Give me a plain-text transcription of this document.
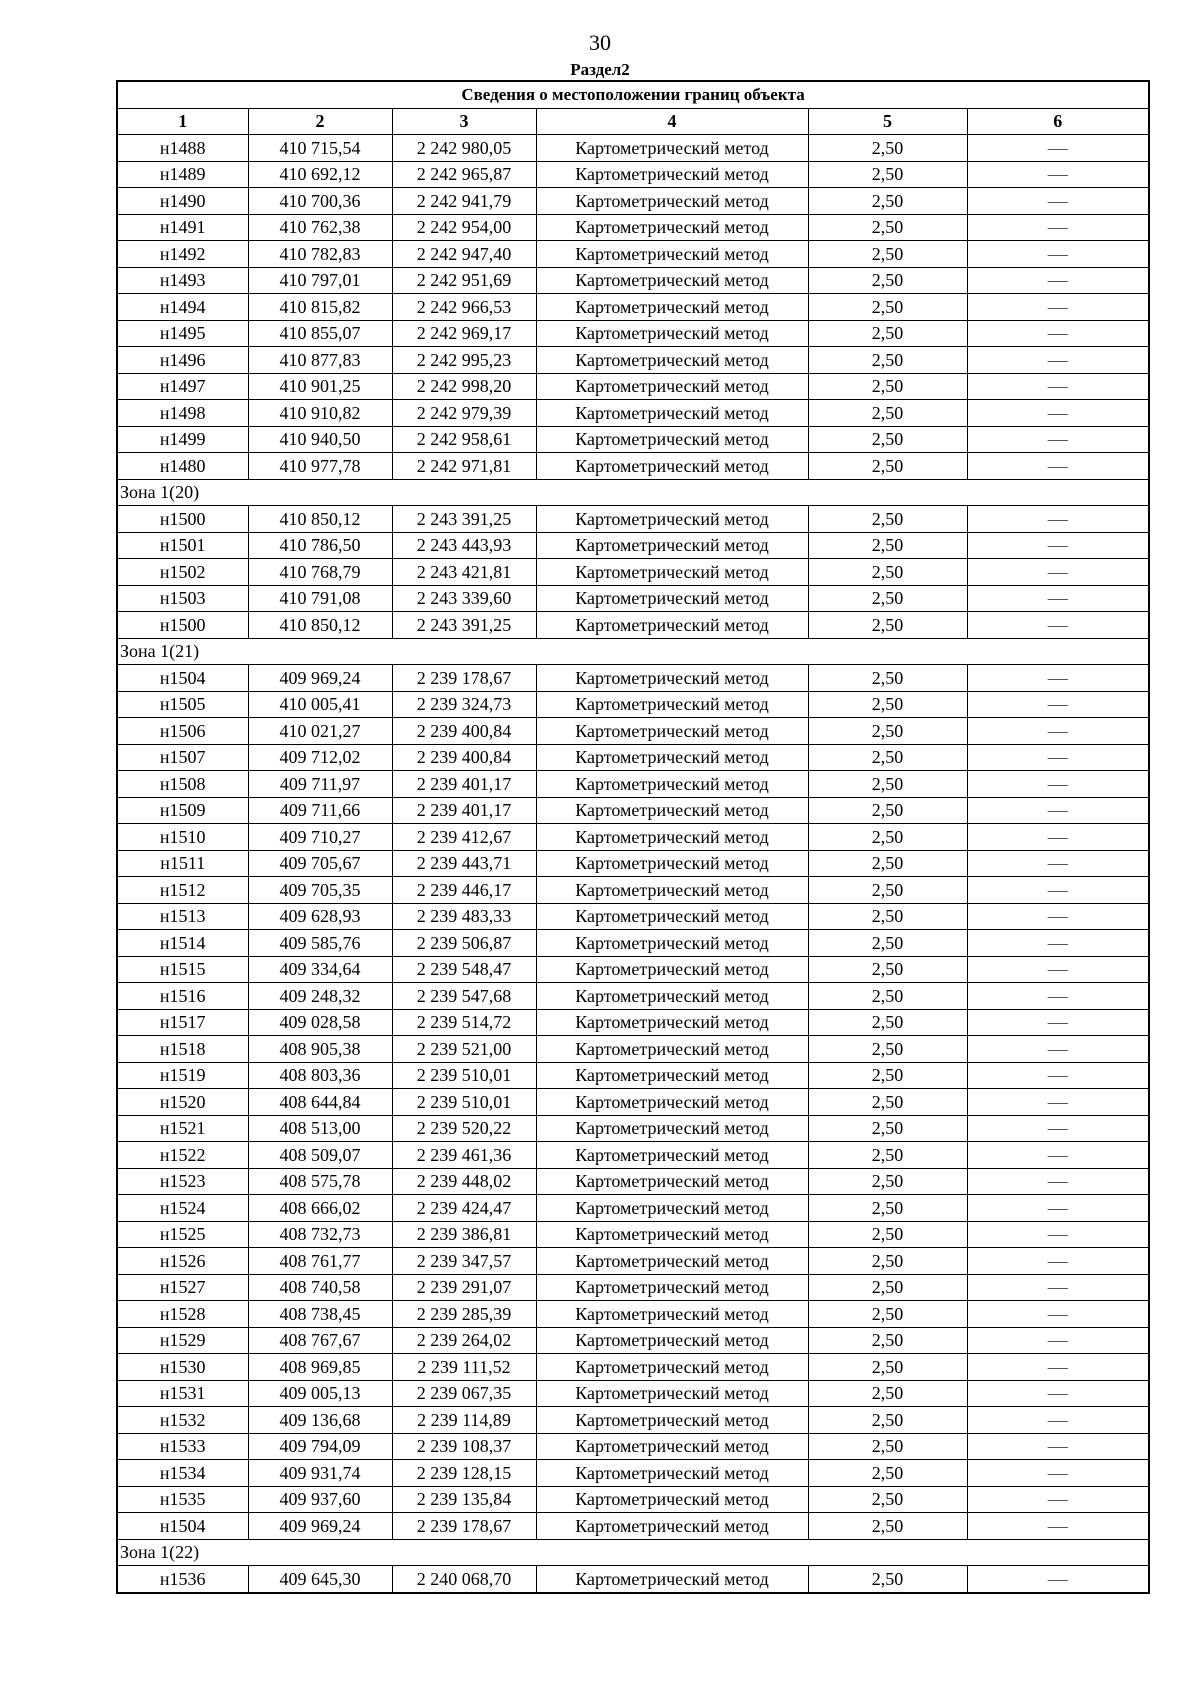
30
Раздел2
Сведения о местоположении границ объекта					
1	2	3	4	5	6
н1488	410 715,54	2 242 980,05	Картометрический метод	2,50	—
н1489	410 692,12	2 242 965,87	Картометрический метод	2,50	—
н1490	410 700,36	2 242 941,79	Картометрический метод	2,50	—
н1491	410 762,38	2 242 954,00	Картометрический метод	2,50	—
н1492	410 782,83	2 242 947,40	Картометрический метод	2,50	—
н1493	410 797,01	2 242 951,69	Картометрический метод	2,50	—
н1494	410 815,82	2 242 966,53	Картометрический метод	2,50	—
н1495	410 855,07	2 242 969,17	Картометрический метод	2,50	—
н1496	410 877,83	2 242 995,23	Картометрический метод	2,50	—
н1497	410 901,25	2 242 998,20	Картометрический метод	2,50	—
н1498	410 910,82	2 242 979,39	Картометрический метод	2,50	—
н1499	410 940,50	2 242 958,61	Картометрический метод	2,50	—
н1480	410 977,78	2 242 971,81	Картометрический метод	2,50	—
Зона 1(20)					
н1500	410 850,12	2 243 391,25	Картометрический метод	2,50	—
н1501	410 786,50	2 243 443,93	Картометрический метод	2,50	—
н1502	410 768,79	2 243 421,81	Картометрический метод	2,50	—
н1503	410 791,08	2 243 339,60	Картометрический метод	2,50	—
н1500	410 850,12	2 243 391,25	Картометрический метод	2,50	—
Зона 1(21)					
н1504	409 969,24	2 239 178,67	Картометрический метод	2,50	—
н1505	410 005,41	2 239 324,73	Картометрический метод	2,50	—
н1506	410 021,27	2 239 400,84	Картометрический метод	2,50	—
н1507	409 712,02	2 239 400,84	Картометрический метод	2,50	—
н1508	409 711,97	2 239 401,17	Картометрический метод	2,50	—
н1509	409 711,66	2 239 401,17	Картометрический метод	2,50	—
н1510	409 710,27	2 239 412,67	Картометрический метод	2,50	—
н1511	409 705,67	2 239 443,71	Картометрический метод	2,50	—
н1512	409 705,35	2 239 446,17	Картометрический метод	2,50	—
н1513	409 628,93	2 239 483,33	Картометрический метод	2,50	—
н1514	409 585,76	2 239 506,87	Картометрический метод	2,50	—
н1515	409 334,64	2 239 548,47	Картометрический метод	2,50	—
н1516	409 248,32	2 239 547,68	Картометрический метод	2,50	—
н1517	409 028,58	2 239 514,72	Картометрический метод	2,50	—
н1518	408 905,38	2 239 521,00	Картометрический метод	2,50	—
н1519	408 803,36	2 239 510,01	Картометрический метод	2,50	—
н1520	408 644,84	2 239 510,01	Картометрический метод	2,50	—
н1521	408 513,00	2 239 520,22	Картометрический метод	2,50	—
н1522	408 509,07	2 239 461,36	Картометрический метод	2,50	—
н1523	408 575,78	2 239 448,02	Картометрический метод	2,50	—
н1524	408 666,02	2 239 424,47	Картометрический метод	2,50	—
н1525	408 732,73	2 239 386,81	Картометрический метод	2,50	—
н1526	408 761,77	2 239 347,57	Картометрический метод	2,50	—
н1527	408 740,58	2 239 291,07	Картометрический метод	2,50	—
н1528	408 738,45	2 239 285,39	Картометрический метод	2,50	—
н1529	408 767,67	2 239 264,02	Картометрический метод	2,50	—
н1530	408 969,85	2 239 111,52	Картометрический метод	2,50	—
н1531	409 005,13	2 239 067,35	Картометрический метод	2,50	—
н1532	409 136,68	2 239 114,89	Картометрический метод	2,50	—
н1533	409 794,09	2 239 108,37	Картометрический метод	2,50	—
н1534	409 931,74	2 239 128,15	Картометрический метод	2,50	—
н1535	409 937,60	2 239 135,84	Картометрический метод	2,50	—
н1504	409 969,24	2 239 178,67	Картометрический метод	2,50	—
Зона 1(22)					
н1536	409 645,30	2 240 068,70	Картометрический метод	2,50	—
